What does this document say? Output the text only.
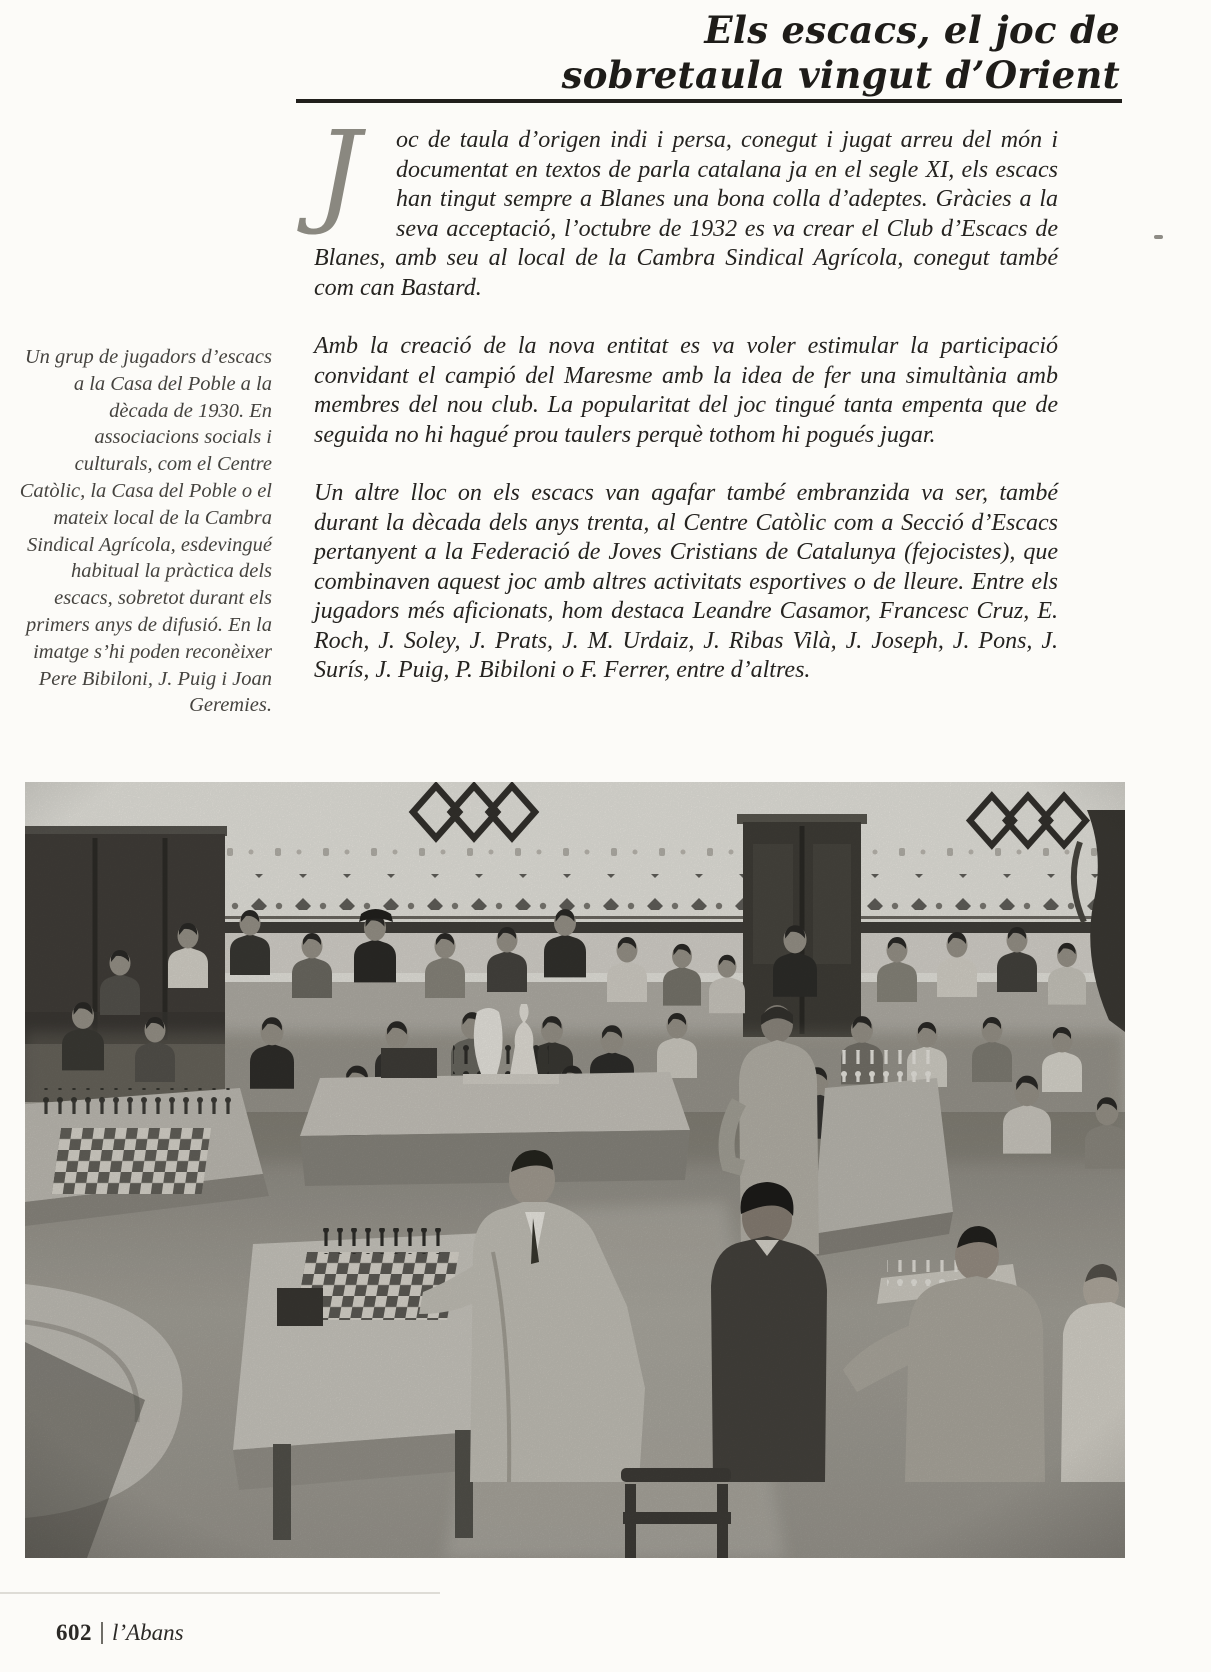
Els escacs, el joc de
sobretaula vingut d’Orient
Un grup de jugadors d’escacs a la Casa del Poble a la dècada de 1930. En associacions socials i culturals, com el Centre Catòlic, la Casa del Poble o el mateix local de la Cambra Sindical Agrícola, esdevingué habitual la pràctica dels escacs, sobretot durant els primers anys de difusió. En la imatge s’hi poden reconèixer Pere Bibiloni, J. Puig i Joan Geremies.

J	oc de taula d’origen indi i persa, conegut i jugat arreu del món i documentat en textos de parla catalana ja en el segle XI, els escacs han tingut sempre a Blanes una bona colla d’adeptes. Gràcies a la seva acceptació, l’octubre de 1932 es va crear el Club d’Escacs de Blanes, amb seu al local de la Cambra Sindical Agrícola, conegut també com can Bastard.

Amb la creació de la nova entitat es va voler estimular la participació convidant el campió del Maresme amb la idea de fer una simultània amb membres del nou club. La popularitat del joc tingué tanta empenta que de seguida no hi hagué prou taulers perquè tothom hi pogués jugar.

Un altre lloc on els escacs van agafar també embranzida va ser, també durant la dècada dels anys trenta, al Centre Catòlic com a Secció d’Escacs pertanyent a la Federació de Joves Cristians de Catalunya (fejocistes), que combinaven aquest joc amb altres activitats esportives o de lleure. Entre els jugadors més aficionats, hom destaca Leandre Casamor, Francesc Cruz, E. Roch, J. Soley, J. Prats, J. M. Urdaiz, J. Ribas Vilà, J. Joseph, J. Pons, J. Surís, J. Puig, P. Bibiloni o F. Ferrer, entre d’altres.

602 l’Abans
